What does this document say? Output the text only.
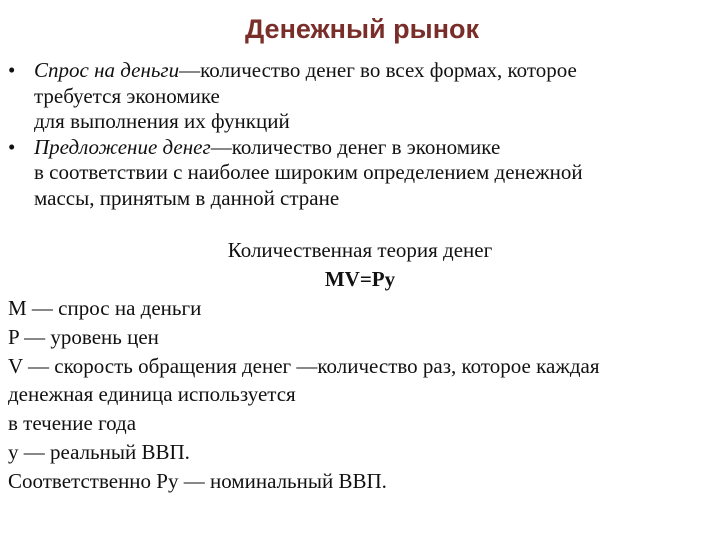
Денежный рынок
• Спрос на деньги—количество денег во всех формах, которое
требуется экономике
для выполнения их функций
• Предложение денег—количество денег в экономике
в соответствии с наиболее широким определением денежной
массы, принятым в данной стране
Количественная теория денег
MV=Py
M — спрос на деньги
P — уровень цен
V — скорость обращения денег —количество раз, которое каждая
денежная единица используется
в течение года
y — реальный ВВП.
Соответственно Py — номинальный ВВП.
